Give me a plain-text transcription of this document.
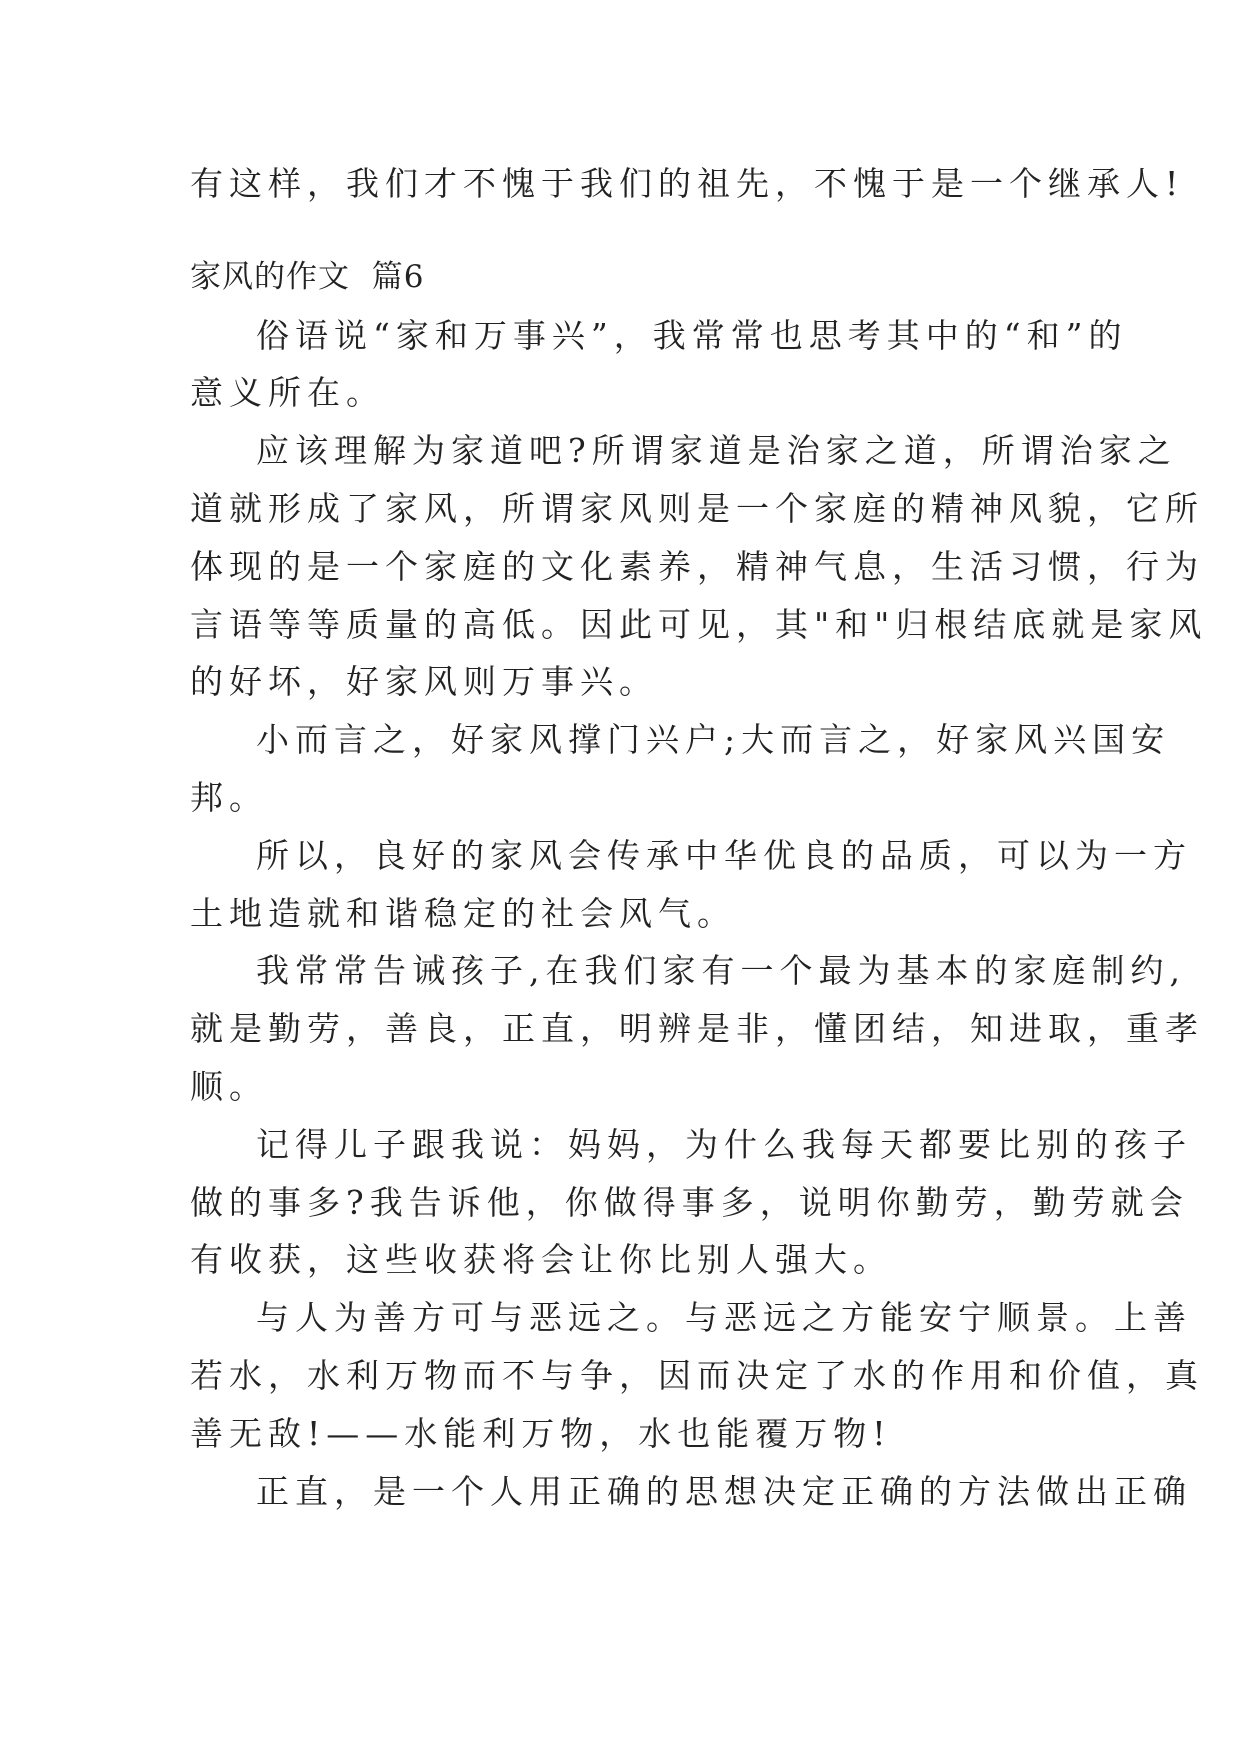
有这样，我们才不愧于我们的祖先，不愧于是一个继承人!

家风的作文  篇6

俗语说“家和万事兴”，我常常也思考其中的“和”的

意义所在。

应该理解为家道吧?所谓家道是治家之道，所谓治家之

道就形成了家风，所谓家风则是一个家庭的精神风貌，它所

体现的是一个家庭的文化素养，精神气息，生活习惯，行为

言语等等质量的高低。因此可见，其"和"归根结底就是家风

的好坏，好家风则万事兴。

小而言之，好家风撑门兴户;大而言之，好家风兴国安

邦。

所以，良好的家风会传承中华优良的品质，可以为一方

土地造就和谐稳定的社会风气。

我常常告诫孩子,在我们家有一个最为基本的家庭制约,

就是勤劳，善良，正直，明辨是非，懂团结，知进取，重孝

顺。

记得儿子跟我说：妈妈，为什么我每天都要比别的孩子

做的事多?我告诉他，你做得事多，说明你勤劳，勤劳就会

有收获，这些收获将会让你比别人强大。

与人为善方可与恶远之。与恶远之方能安宁顺景。上善

若水，水利万物而不与争，因而决定了水的作用和价值，真

善无敌!——水能利万物，水也能覆万物!

正直，是一个人用正确的思想决定正确的方法做出正确
